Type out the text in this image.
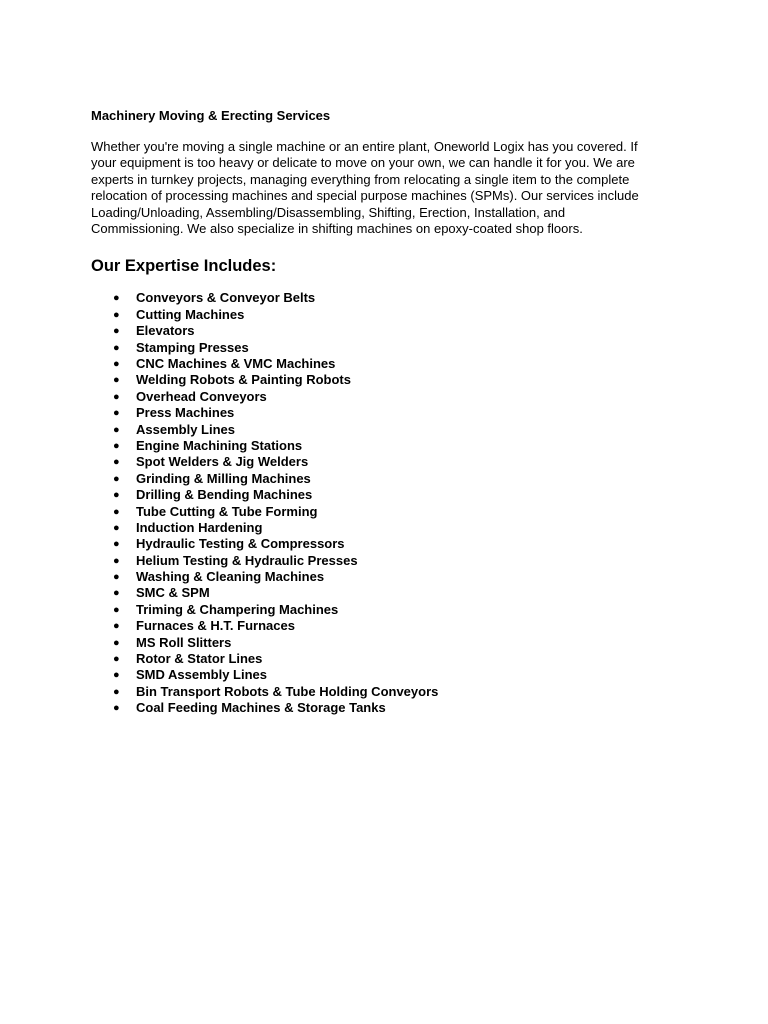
Machinery Moving & Erecting Services

Whether you're moving a single machine or an entire plant, Oneworld Logix has you covered. If
your equipment is too heavy or delicate to move on your own, we can handle it for you. We are
experts in turnkey projects, managing everything from relocating a single item to the complete
relocation of processing machines and special purpose machines (SPMs). Our services include
Loading/Unloading, Assembling/Disassembling, Shifting, Erection, Installation, and
Commissioning. We also specialize in shifting machines on epoxy-coated shop floors.

Our Expertise Includes:
● Conveyors & Conveyor Belts
● Cutting Machines
● Elevators
● Stamping Presses
● CNC Machines & VMC Machines
● Welding Robots & Painting Robots
● Overhead Conveyors
● Press Machines
● Assembly Lines
● Engine Machining Stations
● Spot Welders & Jig Welders
● Grinding & Milling Machines
● Drilling & Bending Machines
● Tube Cutting & Tube Forming
● Induction Hardening
● Hydraulic Testing & Compressors
● Helium Testing & Hydraulic Presses
● Washing & Cleaning Machines
● SMC & SPM
● Triming & Champering Machines
● Furnaces & H.T. Furnaces
● MS Roll Slitters
● Rotor & Stator Lines
● SMD Assembly Lines
● Bin Transport Robots & Tube Holding Conveyors
● Coal Feeding Machines & Storage Tanks
